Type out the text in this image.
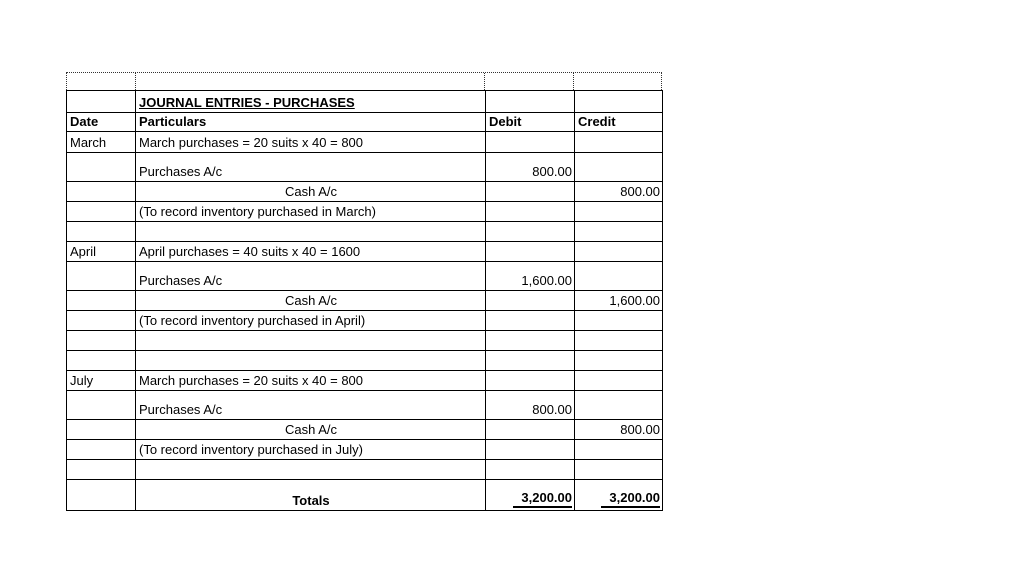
	JOURNAL ENTRIES - PURCHASES		
Date	Particulars	Debit	Credit
March	March purchases = 20 suits x 40 = 800		
	Purchases A/c	800.00	
	Cash A/c		800.00
	(To record inventory purchased in March)		

April	April purchases = 40 suits x 40 = 1600		
	Purchases A/c	1,600.00	
	Cash A/c		1,600.00
	(To record inventory purchased in April)		

July	March purchases = 20 suits x 40 = 800		
	Purchases A/c	800.00	
	Cash A/c		800.00
	(To record inventory purchased in July)		

	Totals	3,200.00	3,200.00
